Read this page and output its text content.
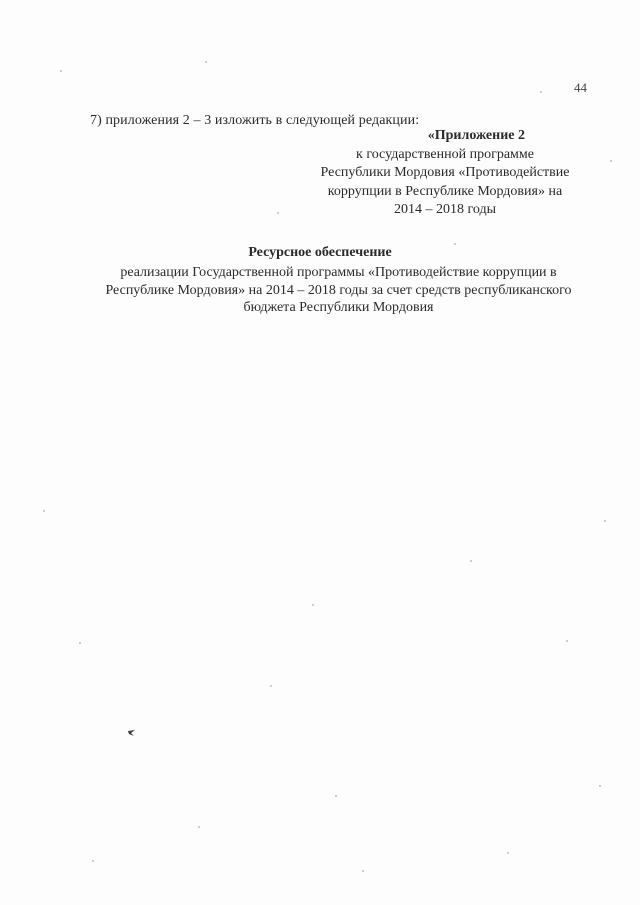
44
7) приложения 2 – 3 изложить в следующей редакции:
«Приложение 2
к государственной программе
Республики Мордовия «Противодействие
коррупции в Республике Мордовия» на
2014 – 2018 годы
Ресурсное обеспечение
реализации Государственной программы «Противодействие коррупции в
Республике Мордовия» на 2014 – 2018 годы за счет средств республиканского
бюджета Республики Мордовия
